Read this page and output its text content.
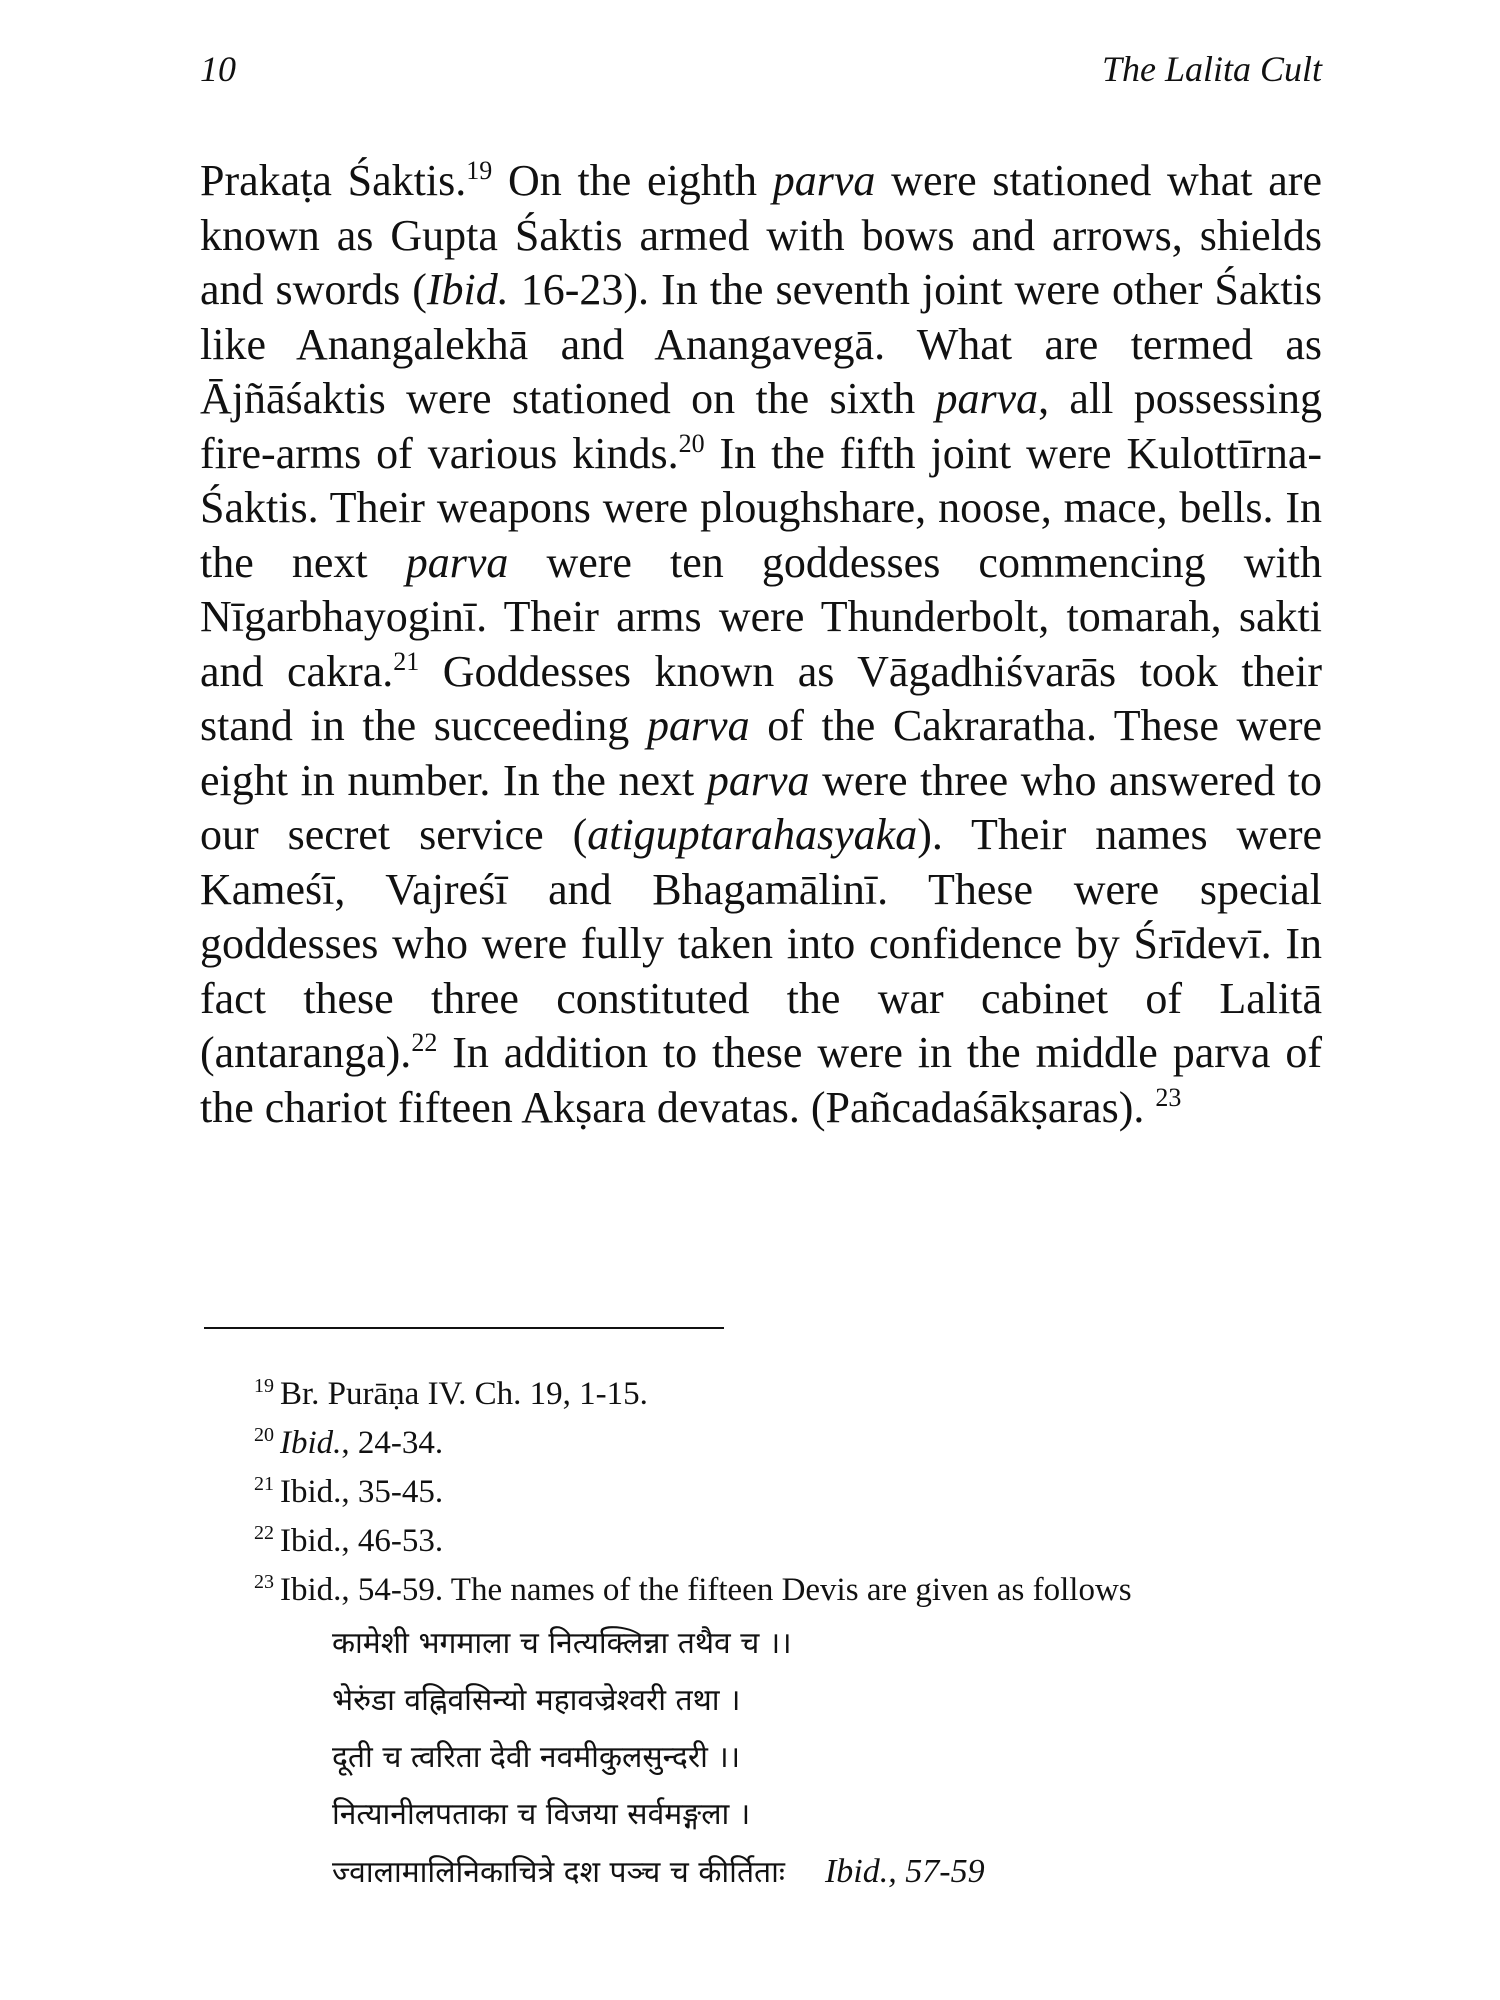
10	The Lalita Cult

Prakaṭa Śaktis.$^{19}$ On the eighth parva were stationed what are known as Gupta Śaktis armed with bows and arrows, shields and swords (Ibid. 16-23). In the seventh joint were other Śaktis like Anangalekhā and Anangavegā. What are termed as Ājñāśaktis were stationed on the sixth parva, all possessing fire-arms of various kinds.$^{20}$ In the fifth joint were Kulottīrna-Śaktis. Their weapons were ploughshare, noose, mace, bells. In the next parva were ten goddesses commencing with Nīgarbhayoginī. Their arms were Thunderbolt, tomarah, sakti and cakra.$^{21}$ Goddesses known as Vāgadhiśvarās took their stand in the succeeding parva of the Cakraratha. These were eight in number. In the next parva were three who answered to our secret service (atiguptarahasyaka). Their names were Kameśī, Vajreśī and Bhagamālinī. These were special goddesses who were fully taken into confidence by Śrīdevī. In fact these three constituted the war cabinet of Lalitā (antaranga).$^{22}$ In addition to these were in the middle parva of the chariot fifteen Akṣara devatas. (Pañcadaśākṣaras). $^{23}$

$^{19}$ Br. Purāṇa IV. Ch. 19, 1-15.
$^{20}$ Ibid., 24-34.
$^{21}$ Ibid., 35-45.
$^{22}$ Ibid., 46-53.
$^{23}$ Ibid., 54-59. The names of the fifteen Devis are given as follows
कामेशी भगमाला च नित्यक्लिन्ना तथैव च ।।
भेरुंडा वह्निवसिन्यो महावज्रेश्वरी तथा ।
दूती च त्वरिता देवी नवमीकुलसुन्दरी ।।
नित्यानीलपताका च विजया सर्वमङ्गला ।
ज्वालामालिनिकाचित्रे दश पञ्च च कीर्तिताः Ibid., 57-59
